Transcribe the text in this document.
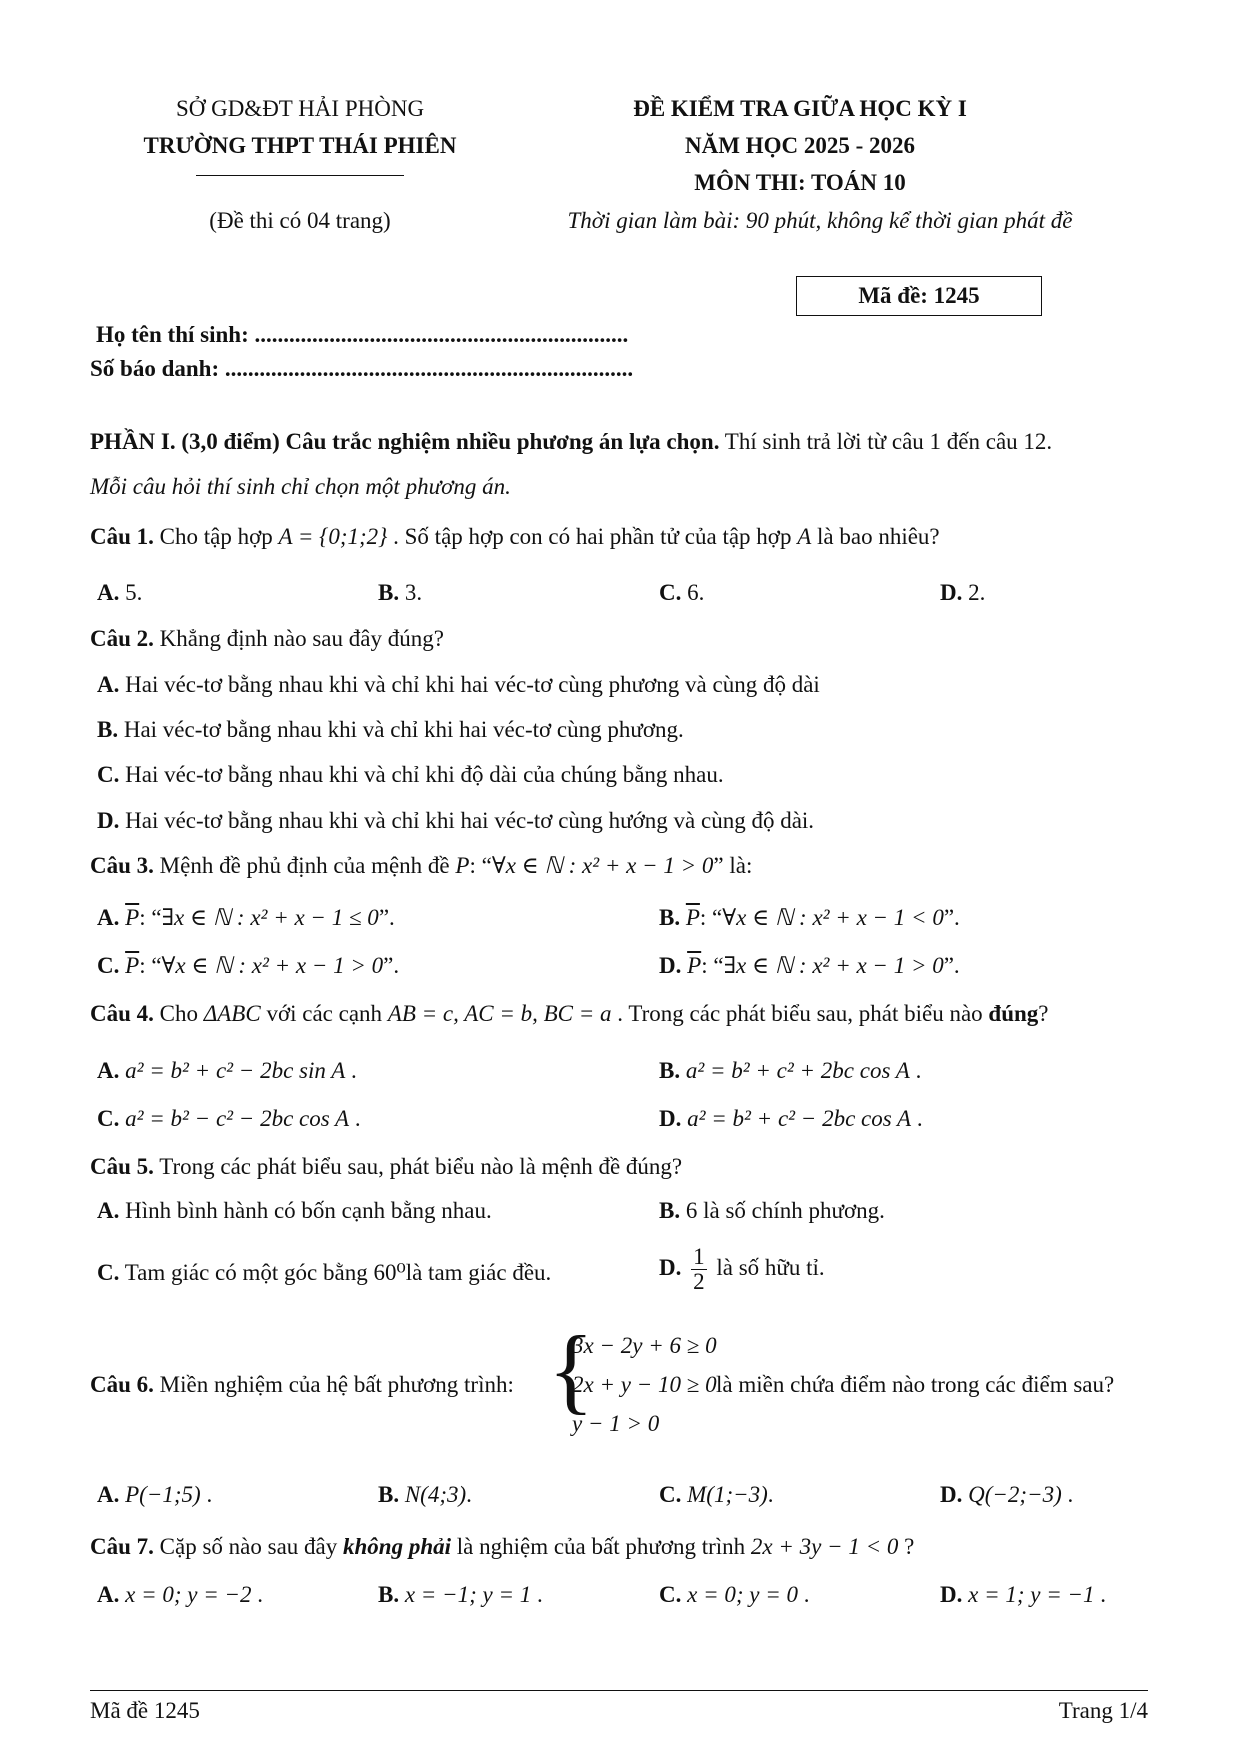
SỞ GD&ĐT HẢI PHÒNG
TRƯỜNG THPT THÁI PHIÊN
(Đề thi có 04 trang)
ĐỀ KIỂM TRA GIỮA HỌC KỲ I
NĂM HỌC 2025 - 2026
MÔN THI: TOÁN 10
Thời gian làm bài: 90 phút, không kể thời gian phát đề
Mã đề: 1245
Họ tên thí sinh: .................................................................
Số báo danh: .......................................................................
PHẦN I. (3,0 điểm) Câu trắc nghiệm nhiều phương án lựa chọn. Thí sinh trả lời từ câu 1 đến câu 12.
Mỗi câu hỏi thí sinh chỉ chọn một phương án.
Câu 1. Cho tập hợp A = {0;1;2} . Số tập hợp con có hai phần tử của tập hợp A là bao nhiêu?
A. 5.	B. 3.	C. 6.	D. 2.
Câu 2. Khẳng định nào sau đây đúng?
A. Hai véc-tơ bằng nhau khi và chỉ khi hai véc-tơ cùng phương và cùng độ dài
B. Hai véc-tơ bằng nhau khi và chỉ khi hai véc-tơ cùng phương.
C. Hai véc-tơ bằng nhau khi và chỉ khi độ dài của chúng bằng nhau.
D. Hai véc-tơ bằng nhau khi và chỉ khi hai véc-tơ cùng hướng và cùng độ dài.
Câu 3. Mệnh đề phủ định của mệnh đề P: “∀x ∈ ℕ : x² + x − 1 > 0” là:
A. $\overline{P}$: “∃x ∈ ℕ : x² + x − 1 ≤ 0”.	B. $\overline{P}$: “∀x ∈ ℕ : x² + x − 1 < 0”.
C. $\overline{P}$: “∀x ∈ ℕ : x² + x − 1 > 0”.	D. $\overline{P}$: “∃x ∈ ℕ : x² + x − 1 > 0”.
Câu 4. Cho ΔABC với các cạnh AB = c, AC = b, BC = a . Trong các phát biểu sau, phát biểu nào đúng?
A. a² = b² + c² − 2bc sin A .	B. a² = b² + c² + 2bc cos A .
C. a² = b² − c² − 2bc cos A .	D. a² = b² + c² − 2bc cos A .
Câu 5. Trong các phát biểu sau, phát biểu nào là mệnh đề đúng?
A. Hình bình hành có bốn cạnh bằng nhau.	B. 6 là số chính phương.
C. Tam giác có một góc bằng 60⁰là tam giác đều.	D. $\frac{1}{2}$ là số hữu tỉ.
Câu 6. Miền nghiệm của hệ bất phương trình: {
3x − 2y + 6 ≥ 0
2x + y − 10 ≥ 0
y − 1 > 0
là miền chứa điểm nào trong các điểm sau?
A. P(−1;5) .	B. N(4;3).	C. M(1;−3).	D. Q(−2;−3) .
Câu 7. Cặp số nào sau đây không phải là nghiệm của bất phương trình 2x + 3y − 1 < 0 ?
A. x = 0; y = −2 .	B. x = −1; y = 1 .	C. x = 0; y = 0 .	D. x = 1; y = −1 .
Mã đề 1245	Trang 1/4
